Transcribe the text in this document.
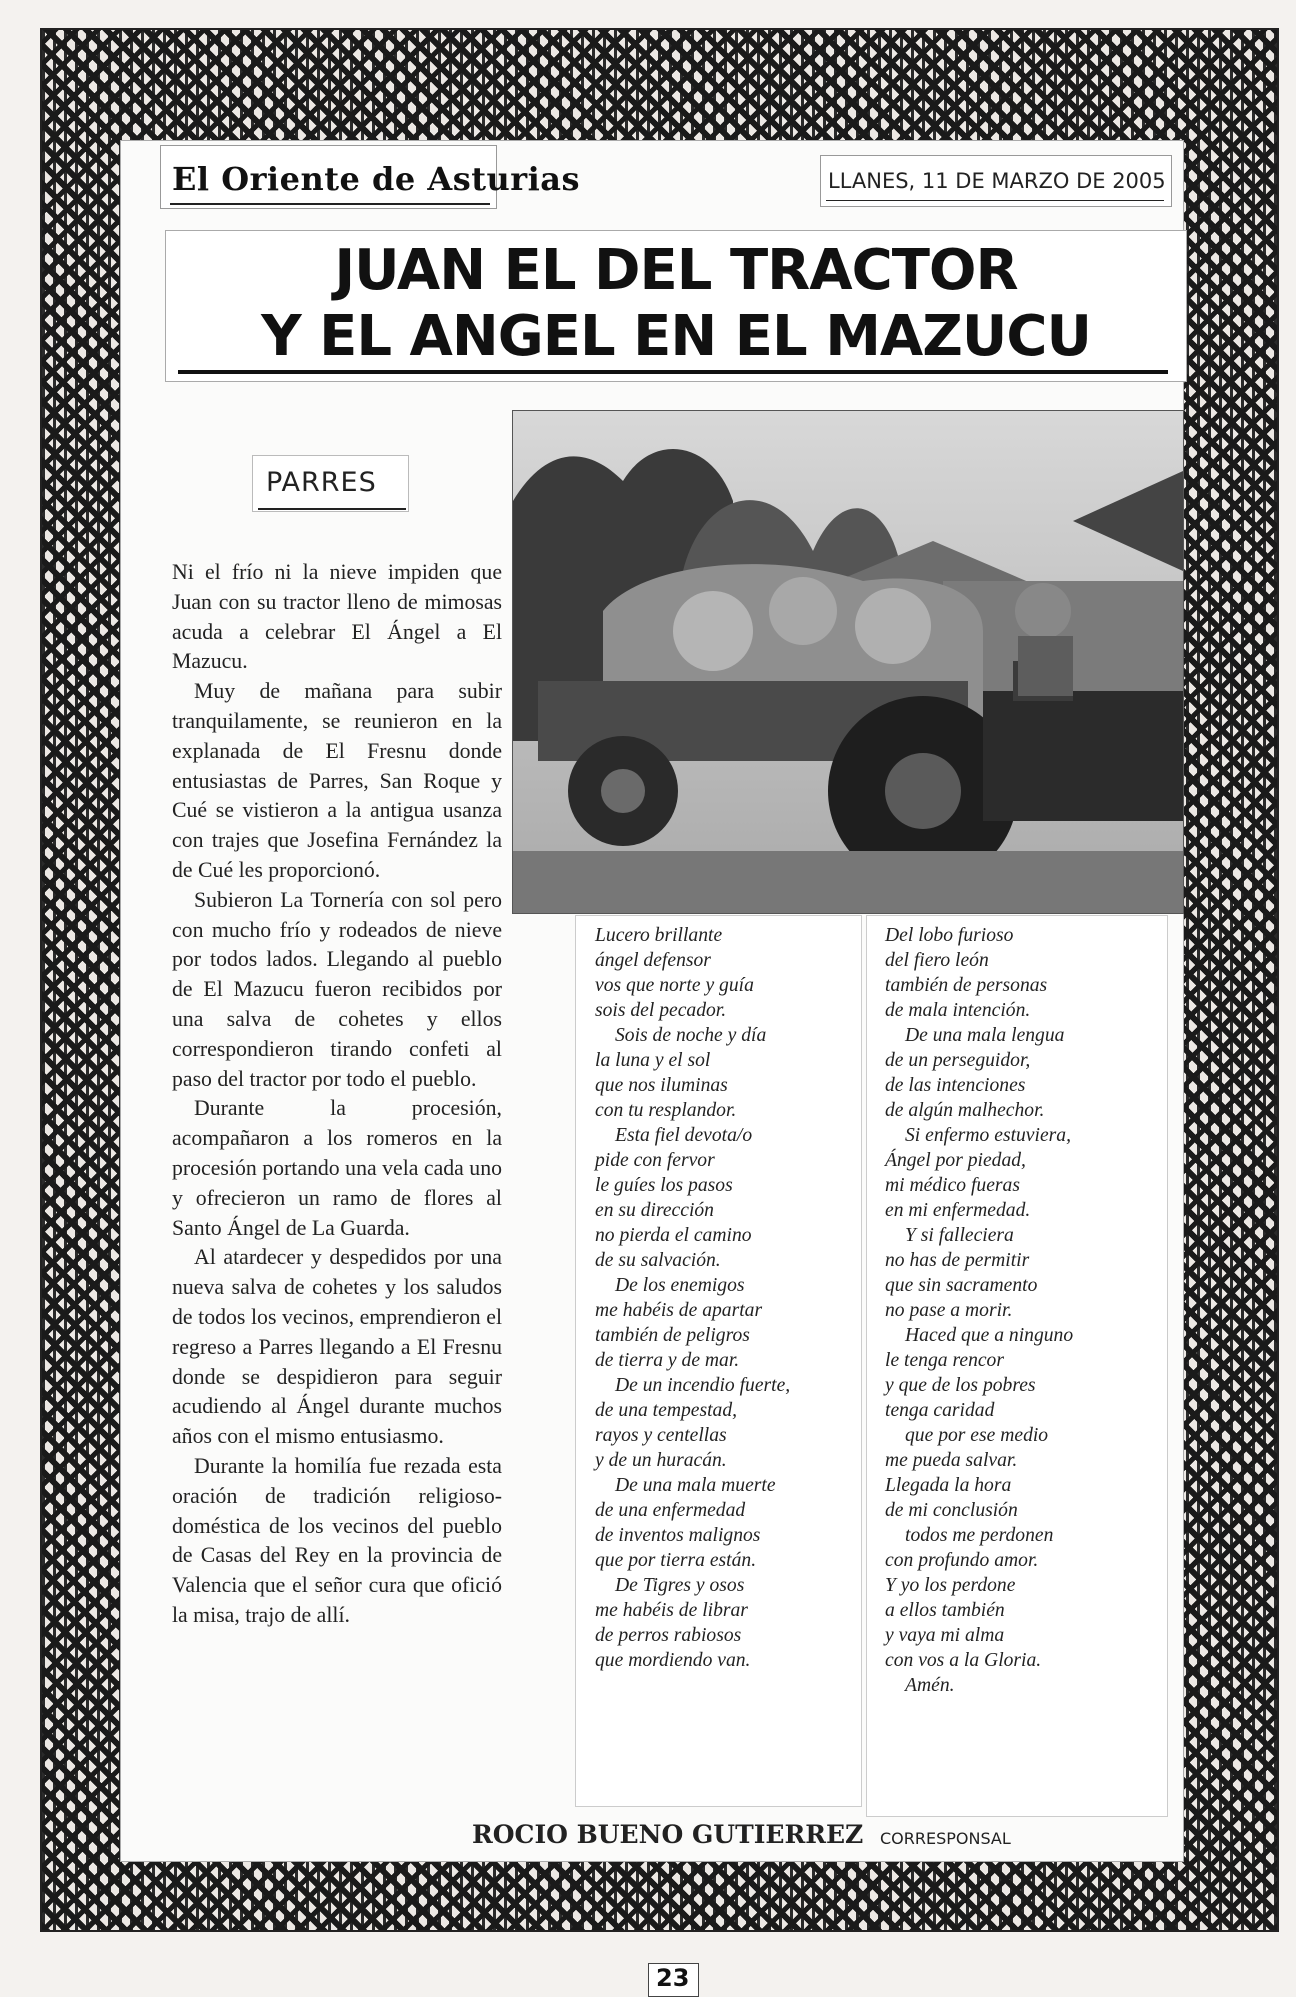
El Oriente de Asturias	LLANES, 11 DE MARZO DE 2005
JUAN EL DEL TRACTOR
Y EL ANGEL EN EL MAZUCU
PARRES

Ni el frío ni la nieve impiden que Juan con su tractor lleno de mimosas acuda a celebrar El Ángel a El Mazucu.

Muy de mañana para subir tranquilamente, se reunieron en la explanada de El Fresnu donde entusiastas de Parres, San Roque y Cué se vistieron a la antigua usanza con trajes que Josefina Fernández la de Cué les proporcionó.

Subieron La Tornería con sol pero con mucho frío y rodeados de nieve por todos lados. Llegando al pueblo de El Mazucu fueron recibidos por una salva de cohetes y ellos correspondieron tirando confeti al paso del tractor por todo el pueblo.

Durante la procesión, acompañaron a los romeros en la procesión portando una vela cada uno y ofrecieron un ramo de flores al Santo Ángel de La Guarda.

Al atardecer y despedidos por una nueva salva de cohetes y los saludos de todos los vecinos, emprendieron el regreso a Parres llegando a El Fresnu donde se despidieron para seguir acudiendo al Ángel durante muchos años con el mismo entusiasmo.

Durante la homilía fue rezada esta oración de tradición religioso-doméstica de los vecinos del pueblo de Casas del Rey en la provincia de Valencia que el señor cura que ofició la misa, trajo de allí.

Lucero brillante
ángel defensor
vos que norte y guía
sois del pecador.
Sois de noche y día
la luna y el sol
que nos iluminas
con tu resplandor.
Esta fiel devota/o
pide con fervor
le guíes los pasos
en su dirección
no pierda el camino
de su salvación.
De los enemigos
me habéis de apartar
también de peligros
de tierra y de mar.
De un incendio fuerte,
de una tempestad,
rayos y centellas
y de un huracán.
De una mala muerte
de una enfermedad
de inventos malignos
que por tierra están.
De Tigres y osos
me habéis de librar
de perros rabiosos
que mordiendo van.
Del lobo furioso
del fiero león
también de personas
de mala intención.
De una mala lengua
de un perseguidor,
de las intenciones
de algún malhechor.
Si enfermo estuviera,
Ángel por piedad,
mi médico fueras
en mi enfermedad.
Y si falleciera
no has de permitir
que sin sacramento
no pase a morir.
Haced que a ninguno
le tenga rencor
y que de los pobres
tenga caridad
que por ese medio
me pueda salvar.
Llegada la hora
de mi conclusión
todos me perdonen
con profundo amor.
Y yo los perdone
a ellos también
y vaya mi alma
con vos a la Gloria.
Amén.
ROCIO BUENO GUTIERREZ CORRESPONSAL
23
